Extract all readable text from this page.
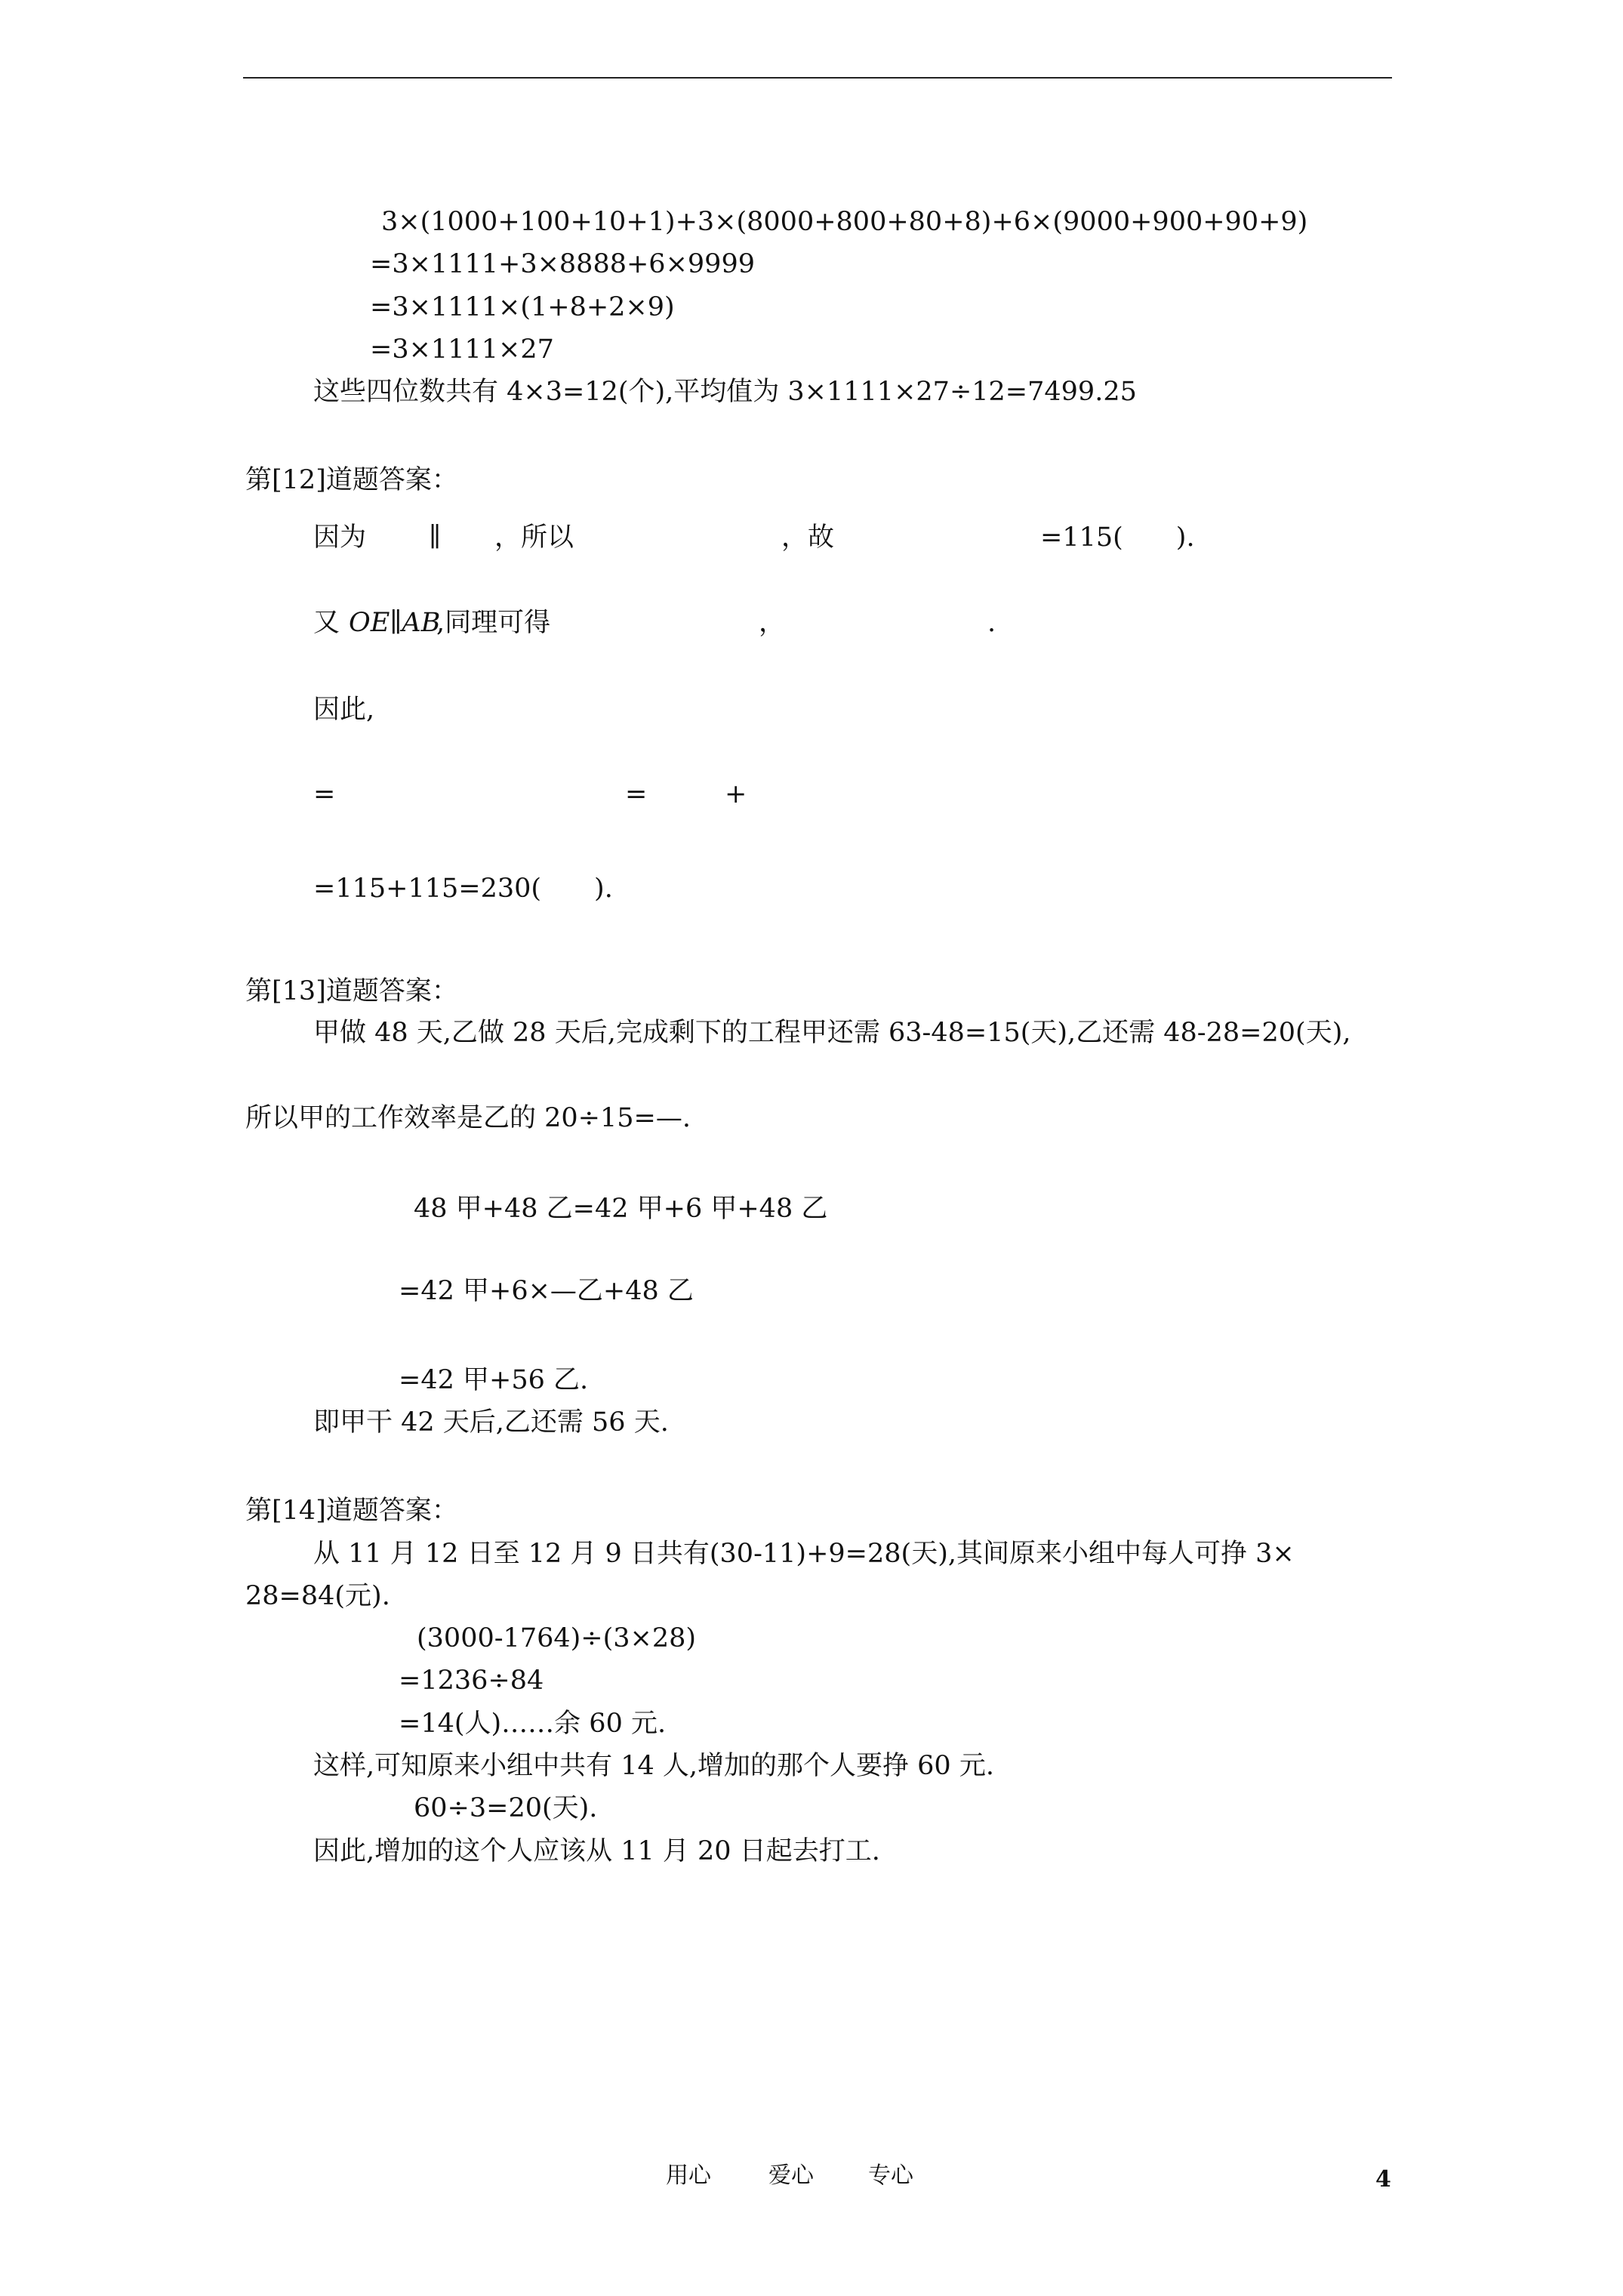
3×(1000+100+10+1)+3×(8000+800+80+8)+6×(9000+900+90+9)
=3×1111+3×8888+6×9999
=3×1111×(1+8+2×9)
=3×1111×27
这些四位数共有 4×3=12(个),平均值为 3×1111×27÷12=7499.25
第[12]道题答案：
因为 ∥ ，所以	，故	=115(　　).
又 OE∥AB
,同理可得	，	.
因此,
=	=	+
=115+115=230(　　).
第[13]道题答案：
甲做 48 天,乙做 28 天后,完成剩下的工程甲还需 63-48=15(天),乙还需 48-28=20(天),
所以甲的工作效率是乙的 20÷15=—.
48 甲+48 乙=42 甲+6 甲+48 乙
=42 甲+6×—乙+48 乙
=42 甲+56 乙.
即甲干 42 天后,乙还需 56 天.
第[14]道题答案：
从 11 月 12 日至 12 月 9 日共有(30-11)+9=28(天),其间原来小组中每人可挣 3×
28=84(元).
(3000-1764)÷(3×28)
=1236÷84
=14(人)……余 60 元.
这样,可知原来小组中共有 14 人,增加的那个人要挣 60 元.
60÷3=20(天).
因此,增加的这个人应该从 11 月 20 日起去打工.
用心	爱心 专心	4
